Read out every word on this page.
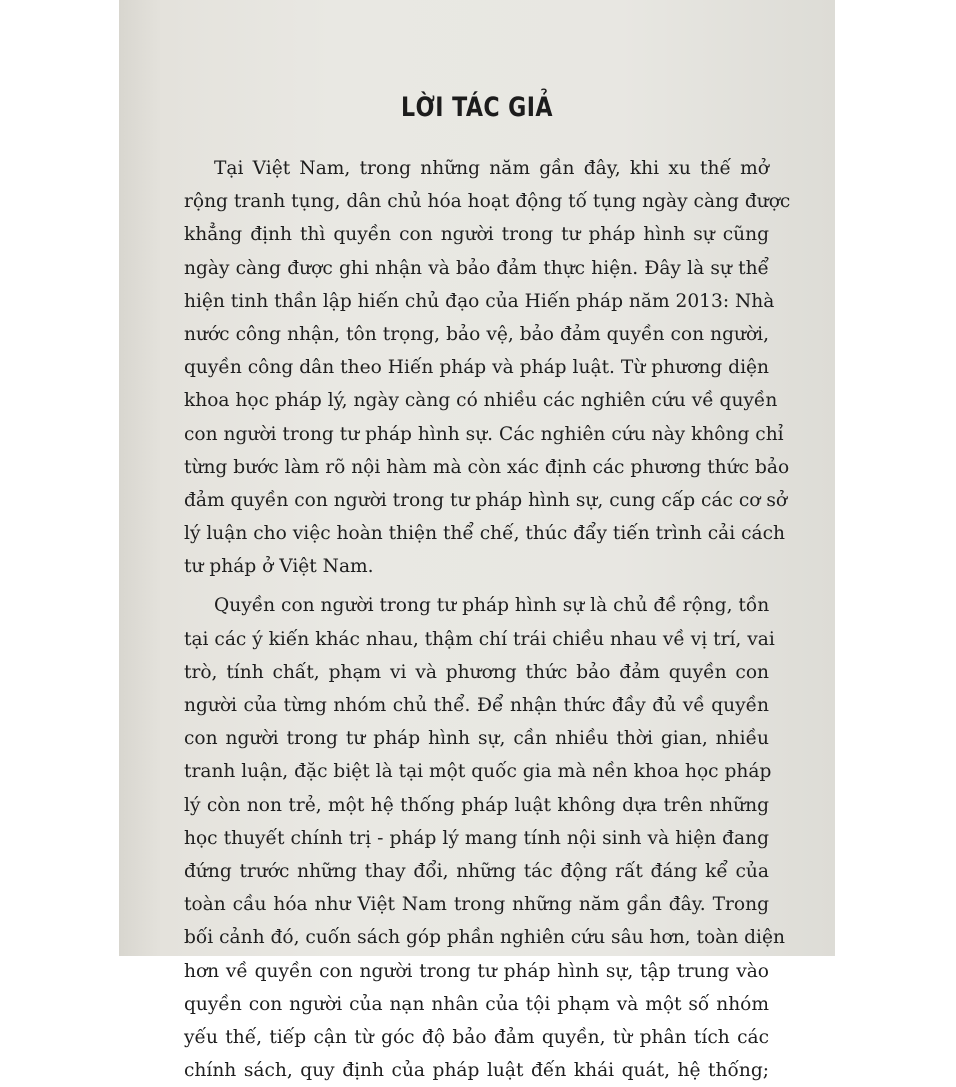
LỜI TÁC GIẢ
Tại Việt Nam, trong những năm gần đây, khi xu thế mở
rộng tranh tụng, dân chủ hóa hoạt động tố tụng ngày càng được
khẳng định thì quyền con người trong tư pháp hình sự cũng
ngày càng được ghi nhận và bảo đảm thực hiện. Đây là sự thể
hiện tinh thần lập hiến chủ đạo của Hiến pháp năm 2013: Nhà
nước công nhận, tôn trọng, bảo vệ, bảo đảm quyền con người,
quyền công dân theo Hiến pháp và pháp luật. Từ phương diện
khoa học pháp lý, ngày càng có nhiều các nghiên cứu về quyền
con người trong tư pháp hình sự. Các nghiên cứu này không chỉ
từng bước làm rõ nội hàm mà còn xác định các phương thức bảo
đảm quyền con người trong tư pháp hình sự, cung cấp các cơ sở
lý luận cho việc hoàn thiện thể chế, thúc đẩy tiến trình cải cách
tư pháp ở Việt Nam.
Quyền con người trong tư pháp hình sự là chủ đề rộng, tồn
tại các ý kiến khác nhau, thậm chí trái chiều nhau về vị trí, vai
trò, tính chất, phạm vi và phương thức bảo đảm quyền con
người của từng nhóm chủ thể. Để nhận thức đầy đủ về quyền
con người trong tư pháp hình sự, cần nhiều thời gian, nhiều
tranh luận, đặc biệt là tại một quốc gia mà nền khoa học pháp
lý còn non trẻ, một hệ thống pháp luật không dựa trên những
học thuyết chính trị - pháp lý mang tính nội sinh và hiện đang
đứng trước những thay đổi, những tác động rất đáng kể của
toàn cầu hóa như Việt Nam trong những năm gần đây. Trong
bối cảnh đó, cuốn sách góp phần nghiên cứu sâu hơn, toàn diện
hơn về quyền con người trong tư pháp hình sự, tập trung vào
quyền con người của nạn nhân của tội phạm và một số nhóm
yếu thế, tiếp cận từ góc độ bảo đảm quyền, từ phân tích các
chính sách, quy định của pháp luật đến khái quát, hệ thống;
